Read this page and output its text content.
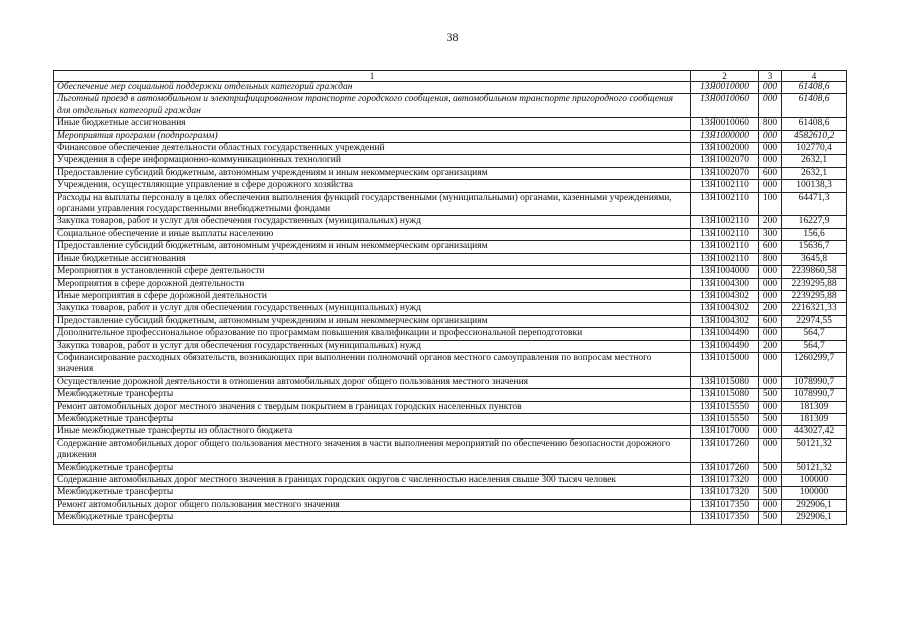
38
1	2	3	4
Обеспечение мер социальной поддержки отдельных категорий граждан	13Я0010000	000	61408,6
Льготный проезд в автомобильном и электрифицированном транспорте городского сообщения, автомобильном транспорте пригородного сообщения для отдельных категорий граждан	13Я0010060	000	61408,6
Иные бюджетные ассигнования	13Я0010060	800	61408,6
Мероприятия программ (подпрограмм)	13Я1000000	000	4582610,2
Финансовое обеспечение деятельности областных государственных учреждений	13Я1002000	000	102770,4
Учреждения в сфере информационно-коммуникационных технологий	13Я1002070	000	2632,1
Предоставление субсидий бюджетным, автономным учреждениям и иным некоммерческим организациям	13Я1002070	600	2632,1
Учреждения, осуществляющие управление в сфере дорожного хозяйства	13Я1002110	000	100138,3
Расходы на выплаты персоналу в целях обеспечения выполнения функций государственными (муниципальными) органами, казенными учреждениями, органами управления государственными внебюджетными фондами	13Я1002110	100	64471,3
Закупка товаров, работ и услуг для обеспечения государственных (муниципальных) нужд	13Я1002110	200	16227,9
Социальное обеспечение и иные выплаты населению	13Я1002110	300	156,6
Предоставление субсидий бюджетным, автономным учреждениям и иным некоммерческим организациям	13Я1002110	600	15636,7
Иные бюджетные ассигнования	13Я1002110	800	3645,8
Мероприятия в установленной сфере деятельности	13Я1004000	000	2239860,58
Мероприятия в сфере дорожной деятельности	13Я1004300	000	2239295,88
Иные мероприятия в сфере дорожной деятельности	13Я1004302	000	2239295,88
Закупка товаров, работ и услуг для обеспечения государственных (муниципальных) нужд	13Я1004302	200	2216321,33
Предоставление субсидий бюджетным, автономным учреждениям и иным некоммерческим организациям	13Я1004302	600	22974,55
Дополнительное профессиональное образование по программам повышения квалификации и профессиональной переподготовки	13Я1004490	000	564,7
Закупка товаров, работ и услуг для обеспечения государственных (муниципальных) нужд	13Я1004490	200	564,7
Софинансирование расходных обязательств, возникающих при выполнении полномочий органов местного самоуправления по вопросам местного значения	13Я1015000	000	1260299,7
Осуществление дорожной деятельности в отношении автомобильных дорог общего пользования местного значения	13Я1015080	000	1078990,7
Межбюджетные трансферты	13Я1015080	500	1078990,7
Ремонт автомобильных дорог местного значения с твердым покрытием в границах городских населенных пунктов	13Я1015550	000	181309
Межбюджетные трансферты	13Я1015550	500	181309
Иные межбюджетные трансферты из областного бюджета	13Я1017000	000	443027,42
Содержание автомобильных дорог общего пользования местного значения в части выполнения мероприятий по обеспечению безопасности дорожного движения	13Я1017260	000	50121,32
Межбюджетные трансферты	13Я1017260	500	50121,32
Содержание автомобильных дорог местного значения в границах городских округов с численностью населения свыше 300 тысяч человек	13Я1017320	000	100000
Межбюджетные трансферты	13Я1017320	500	100000
Ремонт автомобильных дорог общего пользования местного значения	13Я1017350	000	292906,1
Межбюджетные трансферты	13Я1017350	500	292906,1
